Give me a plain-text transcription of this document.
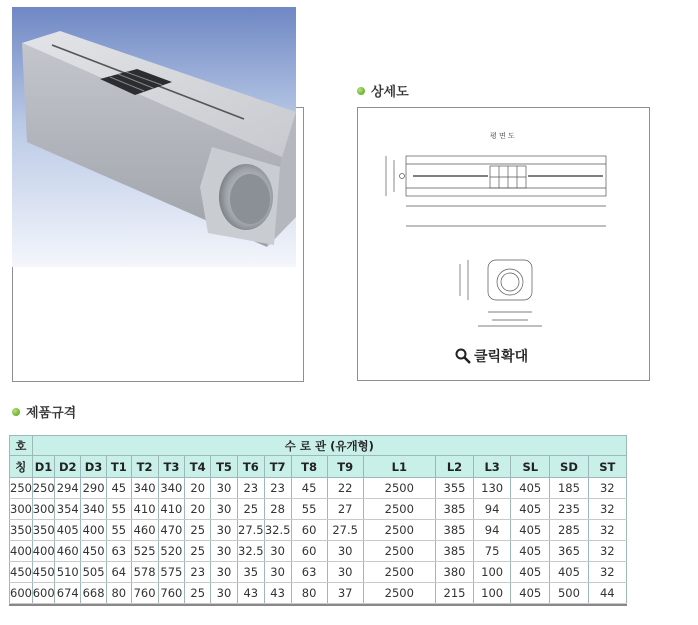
상세도
평 면 도
클릭확대
제품규격
호	수 로 관 (유개형)																	
칭	D1	D2	D3	T1	T2	T3	T4	T5	T6	T7	T8	T9	L1	L2	L3	SL	SD	ST
250	250	294	290	45	340	340	20	30	23	23	45	22	2500	355	130	405	185	32
300	300	354	340	55	410	410	20	30	25	28	55	27	2500	385	94	405	235	32
350	350	405	400	55	460	470	25	30	27.5	32.5	60	27.5	2500	385	94	405	285	32
400	400	460	450	63	525	520	25	30	32.5	30	60	30	2500	385	75	405	365	32
450	450	510	505	64	578	575	23	30	35	30	63	30	2500	380	100	405	405	32
600	600	674	668	80	760	760	25	30	43	43	80	37	2500	215	100	405	500	44
